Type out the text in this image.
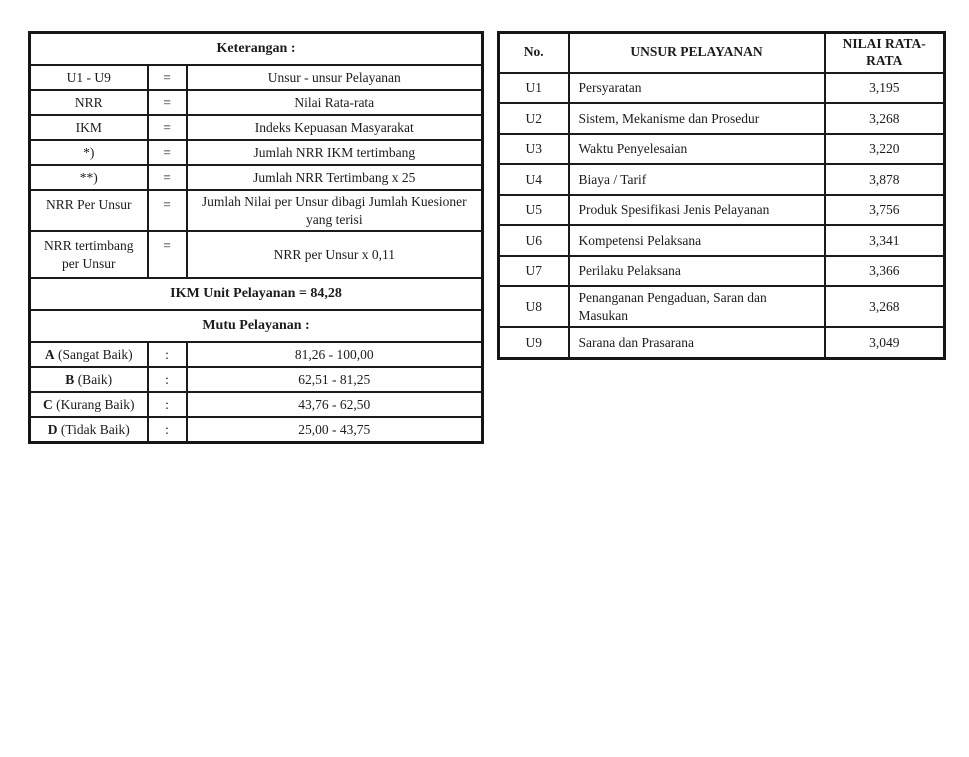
Keterangan :		
U1 - U9	=	Unsur - unsur Pelayanan
NRR	=	Nilai Rata-rata
IKM	=	Indeks Kepuasan Masyarakat
*)	=	Jumlah NRR IKM tertimbang
**)	=	Jumlah NRR Tertimbang x 25
NRR Per Unsur	=	Jumlah Nilai per Unsur dibagi Jumlah Kuesioner yang terisi
NRR tertimbang per Unsur	=	NRR per Unsur x 0,11
IKM Unit Pelayanan = 84,28		
Mutu Pelayanan :		
A (Sangat Baik)	:	81,26 - 100,00
B (Baik)	:	62,51 - 81,25
C (Kurang Baik)	:	43,76 - 62,50
D (Tidak Baik)	:	25,00 - 43,75
No.	UNSUR PELAYANAN	NILAI RATA-RATA
U1	Persyaratan	3,195
U2	Sistem, Mekanisme dan Prosedur	3,268
U3	Waktu Penyelesaian	3,220
U4	Biaya / Tarif	3,878
U5	Produk Spesifikasi Jenis Pelayanan	3,756
U6	Kompetensi Pelaksana	3,341
U7	Perilaku Pelaksana	3,366
U8	Penanganan Pengaduan, Saran dan Masukan	3,268
U9	Sarana dan Prasarana	3,049
